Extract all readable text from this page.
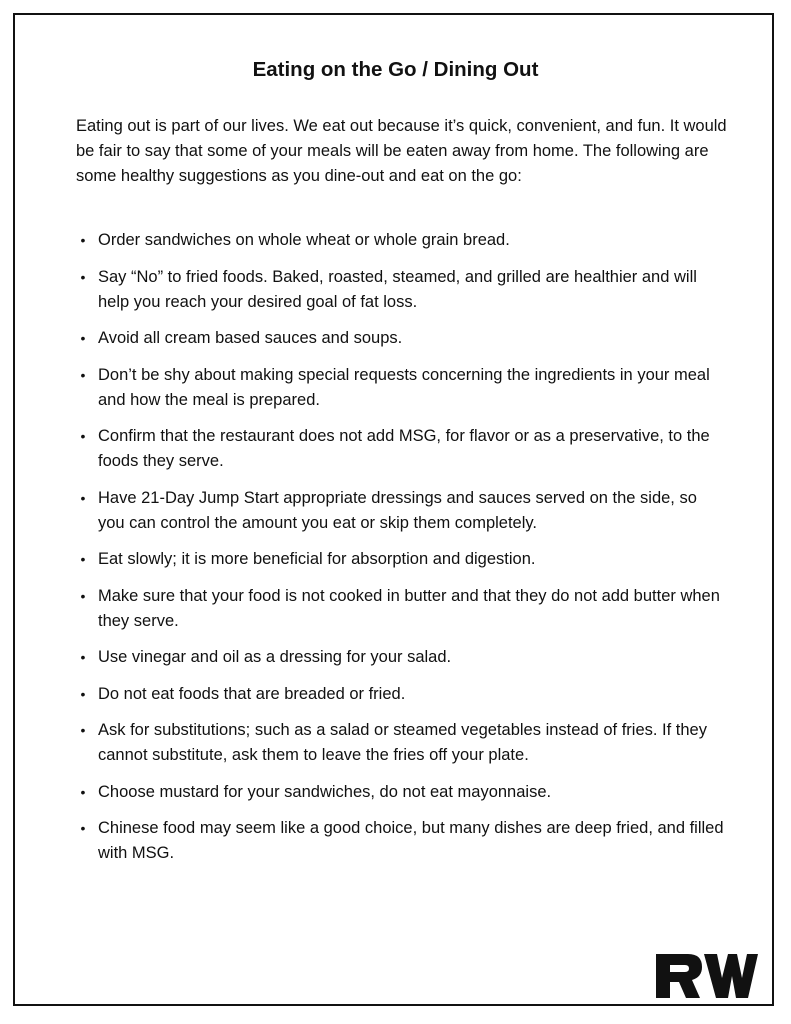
Eating on the Go / Dining Out

Eating out is part of our lives. We eat out because it’s quick, convenient, and fun. It would be fair to say that some of your meals will be eaten away from home. The following are some healthy suggestions as you dine-out and eat on the go:

• Order sandwiches on whole wheat or whole grain bread.
• Say “No” to fried foods. Baked, roasted, steamed, and grilled are healthier and will help you reach your desired goal of fat loss.
• Avoid all cream based sauces and soups.
• Don’t be shy about making special requests concerning the ingredients in your meal and how the meal is prepared.
• Confirm that the restaurant does not add MSG, for flavor or as a preservative, to the foods they serve.
• Have 21-Day Jump Start appropriate dressings and sauces served on the side, so you can control the amount you eat or skip them completely.
• Eat slowly; it is more beneficial for absorption and digestion.
• Make sure that your food is not cooked in butter and that they do not add butter when they serve.
• Use vinegar and oil as a dressing for your salad.
• Do not eat foods that are breaded or fried.
• Ask for substitutions; such as a salad or steamed vegetables instead of fries. If they cannot substitute, ask them to leave the fries off your plate.
• Choose mustard for your sandwiches, do not eat mayonnaise.
• Chinese food may seem like a good choice, but many dishes are deep fried, and filled with MSG.
